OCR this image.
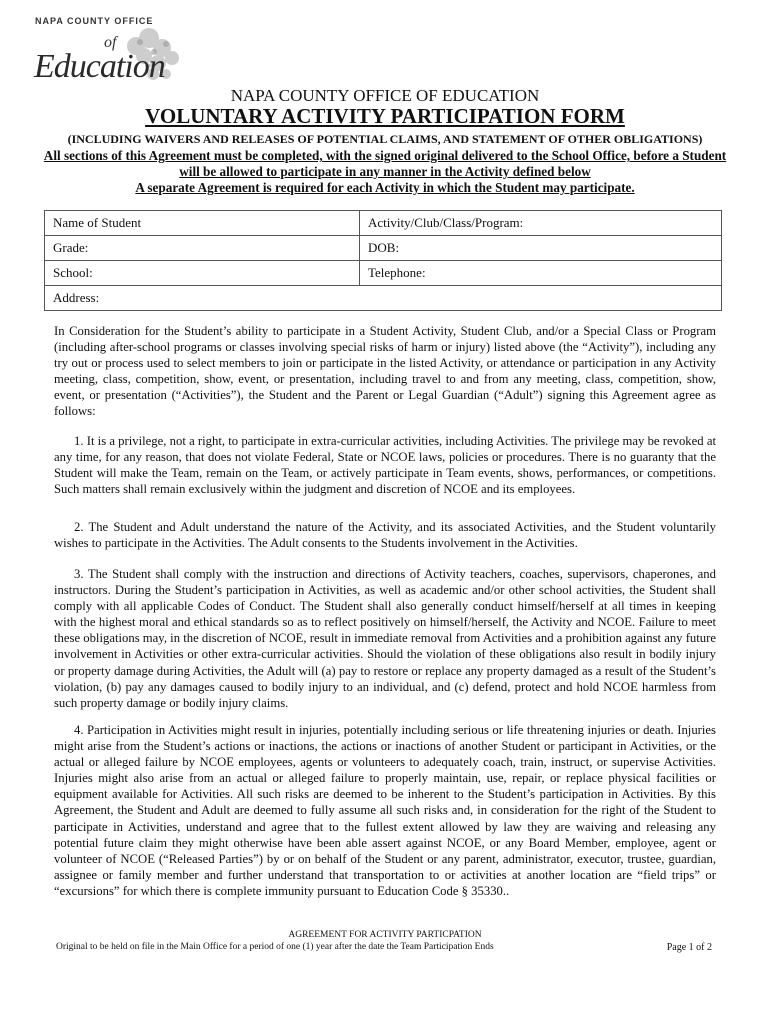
NAPA COUNTY OFFICE
of
Education
NAPA COUNTY OFFICE OF EDUCATION
VOLUNTARY ACTIVITY PARTICIPATION FORM
(INCLUDING WAIVERS AND RELEASES OF POTENTIAL CLAIMS, AND STATEMENT OF OTHER OBLIGATIONS)
All sections of this Agreement must be completed, with the signed original delivered to the School Office, before a Student will be allowed to participate in any manner in the Activity defined below
A separate Agreement is required for each Activity in which the Student may participate.
Name of Student	Activity/Club/Class/Program:
Grade:	DOB:
School:	Telephone:
Address:	
In Consideration for the Student’s ability to participate in a Student Activity, Student Club, and/or a Special Class or Program (including after-school programs or classes involving special risks of harm or injury) listed above (the “Activity”), including any try out or process used to select members to join or participate in the listed Activity, or attendance or participation in any Activity meeting, class, competition, show, event, or presentation, including travel to and from any meeting, class, competition, show, event, or presentation (“Activities”), the Student and the Parent or Legal Guardian (“Adult”) signing this Agreement agree as follows:
1. It is a privilege, not a right, to participate in extra-curricular activities, including Activities. The privilege may be revoked at any time, for any reason, that does not violate Federal, State or NCOE laws, policies or procedures. There is no guaranty that the Student will make the Team, remain on the Team, or actively participate in Team events, shows, performances, or competitions. Such matters shall remain exclusively within the judgment and discretion of NCOE and its employees.
2. The Student and Adult understand the nature of the Activity, and its associated Activities, and the Student voluntarily wishes to participate in the Activities. The Adult consents to the Students involvement in the Activities.
3. The Student shall comply with the instruction and directions of Activity teachers, coaches, supervisors, chaperones, and instructors. During the Student’s participation in Activities, as well as academic and/or other school activities, the Student shall comply with all applicable Codes of Conduct. The Student shall also generally conduct himself/herself at all times in keeping with the highest moral and ethical standards so as to reflect positively on himself/herself, the Activity and NCOE. Failure to meet these obligations may, in the discretion of NCOE, result in immediate removal from Activities and a prohibition against any future involvement in Activities or other extra-curricular activities. Should the violation of these obligations also result in bodily injury or property damage during Activities, the Adult will (a) pay to restore or replace any property damaged as a result of the Student’s violation, (b) pay any damages caused to bodily injury to an individual, and (c) defend, protect and hold NCOE harmless from such property damage or bodily injury claims.
4. Participation in Activities might result in injuries, potentially including serious or life threatening injuries or death. Injuries might arise from the Student’s actions or inactions, the actions or inactions of another Student or participant in Activities, or the actual or alleged failure by NCOE employees, agents or volunteers to adequately coach, train, instruct, or supervise Activities. Injuries might also arise from an actual or alleged failure to properly maintain, use, repair, or replace physical facilities or equipment available for Activities. All such risks are deemed to be inherent to the Student’s participation in Activities. By this Agreement, the Student and Adult are deemed to fully assume all such risks and, in consideration for the right of the Student to participate in Activities, understand and agree that to the fullest extent allowed by law they are waiving and releasing any potential future claim they might otherwise have been able assert against NCOE, or any Board Member, employee, agent or volunteer of NCOE (“Released Parties”) by or on behalf of the Student or any parent, administrator, executor, trustee, guardian, assignee or family member and further understand that transportation to or activities at another location are “field trips” or “excursions” for which there is complete immunity pursuant to Education Code § 35330..
AGREEMENT FOR ACTIVITY PARTICPATION
Original to be held on file in the Main Office for a period of one (1) year after the date the Team Participation Ends	Page 1 of 2
